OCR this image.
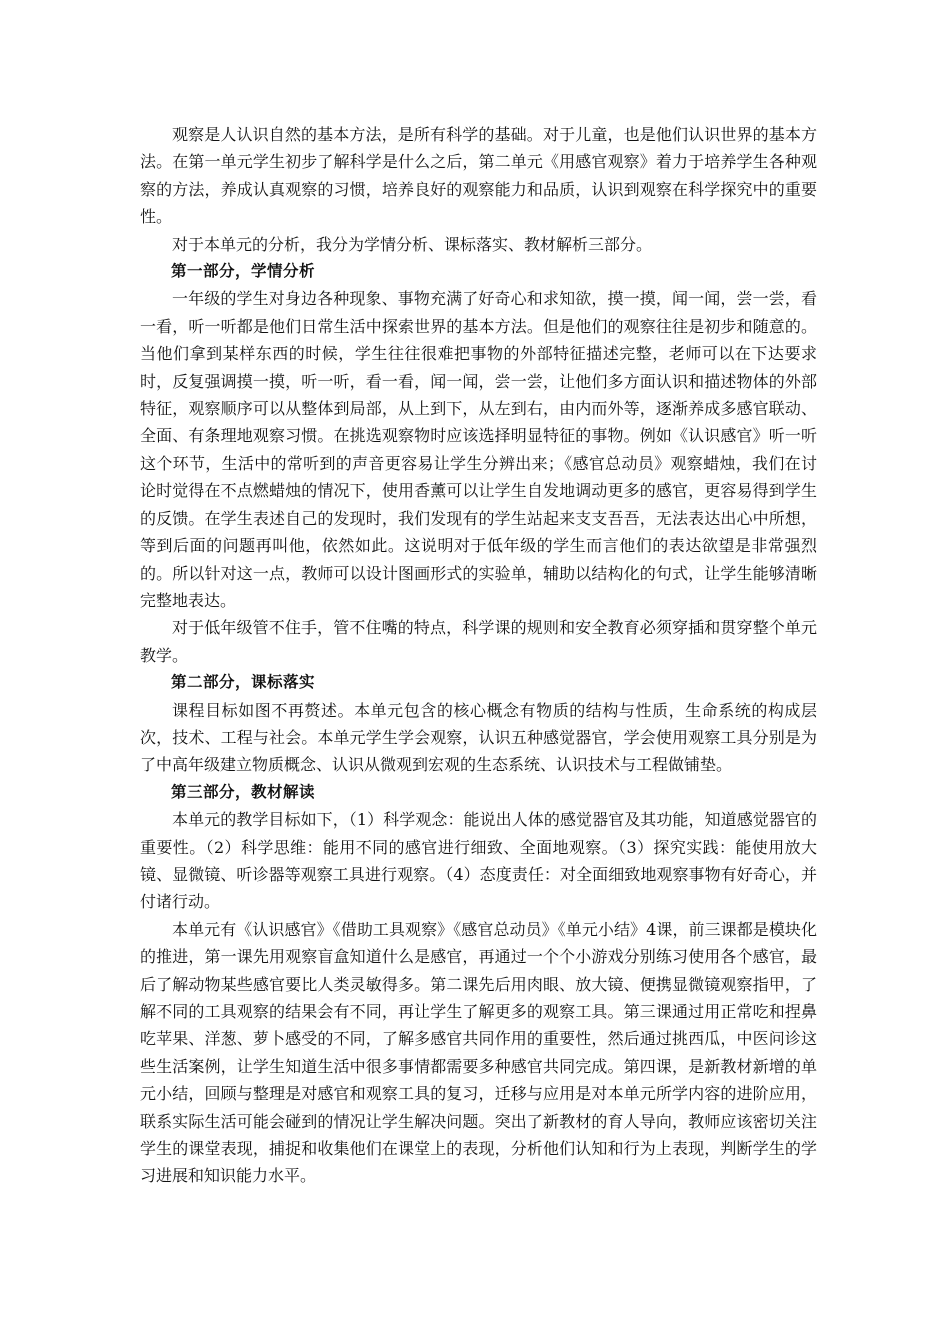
观察是人认识自然的基本方法，是所有科学的基础。对于儿童，也是他们认识世界的基本方法。在第一单元学生初步了解科学是什么之后，第二单元《用感官观察》着力于培养学生各种观察的方法，养成认真观察的习惯，培养良好的观察能力和品质，认识到观察在科学探究中的重要性。

对于本单元的分析，我分为学情分析、课标落实、教材解析三部分。

第一部分，学情分析

一年级的学生对身边各种现象、事物充满了好奇心和求知欲，摸一摸，闻一闻，尝一尝，看一看，听一听都是他们日常生活中探索世界的基本方法。但是他们的观察往往是初步和随意的。当他们拿到某样东西的时候，学生往往很难把事物的外部特征描述完整，老师可以在下达要求时，反复强调摸一摸，听一听，看一看，闻一闻，尝一尝，让他们多方面认识和描述物体的外部特征，观察顺序可以从整体到局部，从上到下，从左到右，由内而外等，逐渐养成多感官联动、全面、有条理地观察习惯。在挑选观察物时应该选择明显特征的事物。例如《认识感官》听一听这个环节，生活中的常听到的声音更容易让学生分辨出来；《感官总动员》观察蜡烛，我们在讨论时觉得在不点燃蜡烛的情况下，使用香薰可以让学生自发地调动更多的感官，更容易得到学生的反馈。在学生表述自己的发现时，我们发现有的学生站起来支支吾吾，无法表达出心中所想，等到后面的问题再叫他，依然如此。这说明对于低年级的学生而言他们的表达欲望是非常强烈的。所以针对这一点，教师可以设计图画形式的实验单，辅助以结构化的句式，让学生能够清晰完整地表达。

对于低年级管不住手，管不住嘴的特点，科学课的规则和安全教育必须穿插和贯穿整个单元教学。

第二部分，课标落实

课程目标如图不再赘述。本单元包含的核心概念有物质的结构与性质，生命系统的构成层次，技术、工程与社会。本单元学生学会观察，认识五种感觉器官，学会使用观察工具分别是为了中高年级建立物质概念、认识从微观到宏观的生态系统、认识技术与工程做铺垫。

第三部分，教材解读

本单元的教学目标如下，（1）科学观念：能说出人体的感觉器官及其功能，知道感觉器官的重要性。（2）科学思维：能用不同的感官进行细致、全面地观察。（3）探究实践：能使用放大镜、显微镜、听诊器等观察工具进行观察。（4）态度责任：对全面细致地观察事物有好奇心，并付诸行动。

本单元有《认识感官》《借助工具观察》《感官总动员》《单元小结》4课，前三课都是模块化的推进，第一课先用观察盲盒知道什么是感官，再通过一个个小游戏分别练习使用各个感官，最后了解动物某些感官要比人类灵敏得多。第二课先后用肉眼、放大镜、便携显微镜观察指甲，了解不同的工具观察的结果会有不同，再让学生了解更多的观察工具。第三课通过用正常吃和捏鼻吃苹果、洋葱、萝卜感受的不同，了解多感官共同作用的重要性，然后通过挑西瓜，中医问诊这些生活案例，让学生知道生活中很多事情都需要多种感官共同完成。第四课，是新教材新增的单元小结，回顾与整理是对感官和观察工具的复习，迁移与应用是对本单元所学内容的进阶应用，联系实际生活可能会碰到的情况让学生解决问题。突出了新教材的育人导向，教师应该密切关注学生的课堂表现，捕捉和收集他们在课堂上的表现，分析他们认知和行为上表现，判断学生的学习进展和知识能力水平。
